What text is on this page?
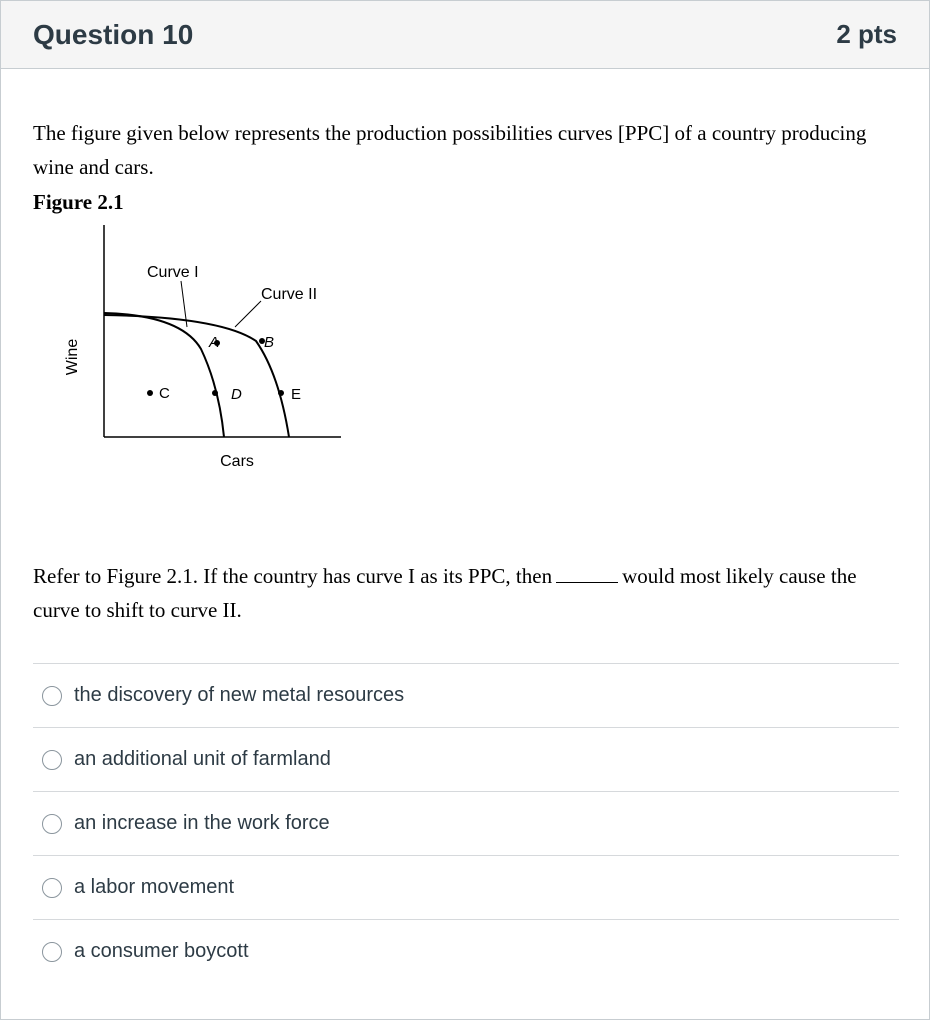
Question 10	2 pts
The figure given below represents the production possibilities curves [PPC] of a country producing wine and cars.
Figure 2.1
Curve I
Curve II
A	B
C	D	E
Wine
Cars
Refer to Figure 2.1. If the country has curve I as its PPC, then	would most likely cause the curve to shift to curve II.
the discovery of new metal resources
an additional unit of farmland
an increase in the work force
a labor movement
a consumer boycott
